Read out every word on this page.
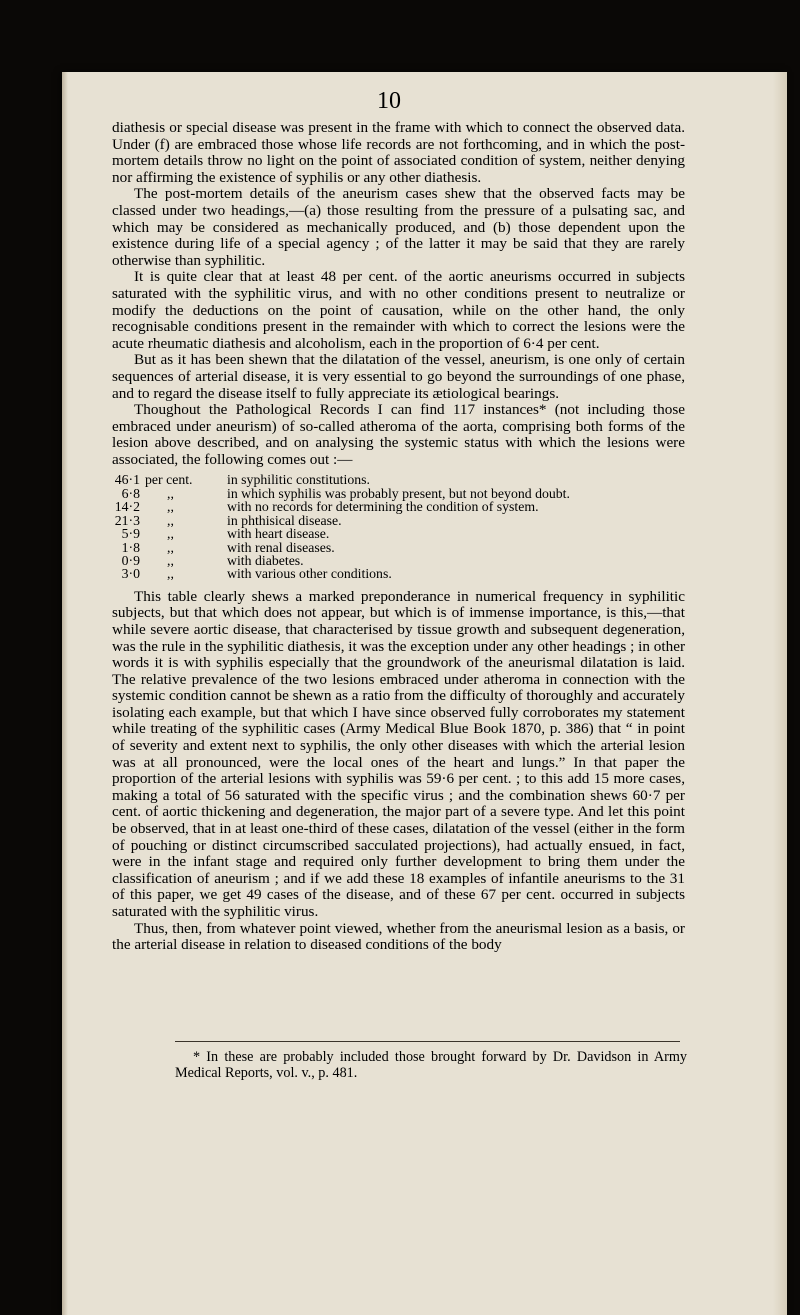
10

diathesis or special disease was present in the frame with which to connect the observed data. Under (f) are embraced those whose life records are not forthcoming, and in which the post-mortem details throw no light on the point of associated condition of system, neither denying nor affirming the existence of syphilis or any other diathesis.

The post-mortem details of the aneurism cases shew that the observed facts may be classed under two headings,—(a) those resulting from the pressure of a pulsating sac, and which may be considered as mechanically produced, and (b) those dependent upon the existence during life of a special agency ; of the latter it may be said that they are rarely otherwise than syphilitic.

It is quite clear that at least 48 per cent. of the aortic aneurisms occurred in subjects saturated with the syphilitic virus, and with no other conditions present to neutralize or modify the deductions on the point of causation, while on the other hand, the only recognisable conditions present in the remainder with which to correct the lesions were the acute rheumatic diathesis and alcoholism, each in the proportion of 6·4 per cent.

But as it has been shewn that the dilatation of the vessel, aneurism, is one only of certain sequences of arterial disease, it is very essential to go beyond the surroundings of one phase, and to regard the disease itself to fully appreciate its ætiological bearings.

Thoughout the Pathological Records I can find 117 instances* (not including those embraced under aneurism) of so-called atheroma of the aorta, comprising both forms of the lesion above described, and on analysing the systemic status with which the lesions were associated, the following comes out :—

46·1 per cent.	in syphilitic constitutions.
6·8	,,	in which syphilis was probably present, but not beyond doubt.
14·2	,,	with no records for determining the condition of system.
21·3	,,	in phthisical disease.
5·9	,,	with heart disease.
1·8	,,	with renal diseases.
0·9	,,	with diabetes.
3·0	,,	with various other conditions.

This table clearly shews a marked preponderance in numerical frequency in syphilitic subjects, but that which does not appear, but which is of immense importance, is this,—that while severe aortic disease, that characterised by tissue growth and subsequent degeneration, was the rule in the syphilitic diathesis, it was the exception under any other headings ; in other words it is with syphilis especially that the groundwork of the aneurismal dilatation is laid. The relative prevalence of the two lesions embraced under atheroma in connection with the systemic condition cannot be shewn as a ratio from the difficulty of thoroughly and accurately isolating each example, but that which I have since observed fully corroborates my statement while treating of the syphilitic cases (Army Medical Blue Book 1870, p. 386) that “ in point of severity and extent next to syphilis, the only other diseases with which the arterial lesion was at all pronounced, were the local ones of the heart and lungs.” In that paper the proportion of the arterial lesions with syphilis was 59·6 per cent. ; to this add 15 more cases, making a total of 56 saturated with the specific virus ; and the combination shews 60·7 per cent. of aortic thickening and degeneration, the major part of a severe type. And let this point be observed, that in at least one-third of these cases, dilatation of the vessel (either in the form of pouching or distinct circumscribed sacculated projections), had actually ensued, in fact, were in the infant stage and required only further development to bring them under the classification of aneurism ; and if we add these 18 examples of infantile aneurisms to the 31 of this paper, we get 49 cases of the disease, and of these 67 per cent. occurred in subjects saturated with the syphilitic virus.

Thus, then, from whatever point viewed, whether from the aneurismal lesion as a basis, or the arterial disease in relation to diseased conditions of the body

* In these are probably included those brought forward by Dr. Davidson in Army Medical Reports, vol. v., p. 481.
